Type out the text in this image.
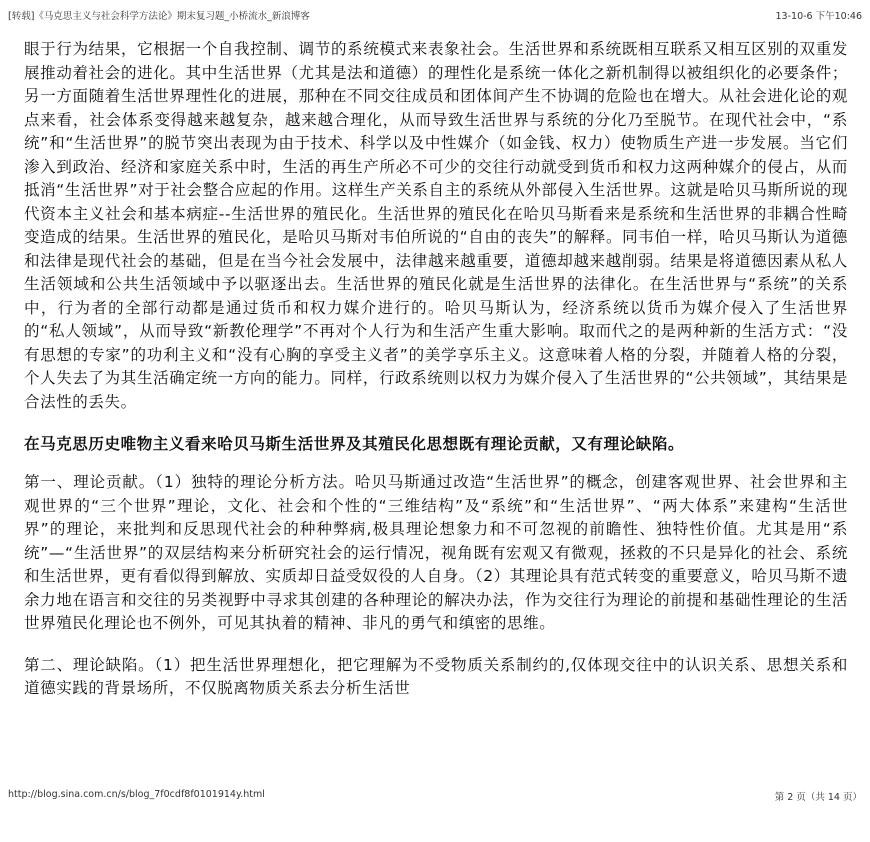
[转载]《马克思主义与社会科学方法论》期末复习题_小桥流水_新浪博客	13-10-6 下午10:46

眼于行为结果，它根据一个自我控制、调节的系统模式来表象社会。生活世界和系统既相互联系又相互区别的双重发展推动着社会的进化。其中生活世界（尤其是法和道德）的理性化是系统一体化之新机制得以被组织化的必要条件；另一方面随着生活世界理性化的进展，那种在不同交往成员和团体间产生不协调的危险也在增大。从社会进化论的观点来看，社会体系变得越来越复杂，越来越合理化，从而导致生活世界与系统的分化乃至脱节。在现代社会中，“系统”和“生活世界”的脱节突出表现为由于技术、科学以及中性媒介（如金钱、权力）使物质生产进一步发展。当它们渗入到政治、经济和家庭关系中时，生活的再生产所必不可少的交往行动就受到货币和权力这两种媒介的侵占，从而抵消“生活世界”对于社会整合应起的作用。这样生产关系自主的系统从外部侵入生活世界。这就是哈贝马斯所说的现代资本主义社会和基本病症--生活世界的殖民化。生活世界的殖民化在哈贝马斯看来是系统和生活世界的非耦合性畸变造成的结果。生活世界的殖民化，是哈贝马斯对韦伯所说的“自由的丧失”的解释。同韦伯一样，哈贝马斯认为道德和法律是现代社会的基础，但是在当今社会发展中，法律越来越重要，道德却越来越削弱。结果是将道德因素从私人生活领域和公共生活领域中予以驱逐出去。生活世界的殖民化就是生活世界的法律化。在生活世界与“系统”的关系中，行为者的全部行动都是通过货币和权力媒介进行的。哈贝马斯认为，经济系统以货币为媒介侵入了生活世界的“私人领域”，从而导致“新教伦理学”不再对个人行为和生活产生重大影响。取而代之的是两种新的生活方式：“没有思想的专家”的功利主义和“没有心胸的享受主义者”的美学享乐主义。这意味着人格的分裂，并随着人格的分裂，个人失去了为其生活确定统一方向的能力。同样，行政系统则以权力为媒介侵入了生活世界的“公共领域”，其结果是合法性的丢失。

在马克思历史唯物主义看来哈贝马斯生活世界及其殖民化思想既有理论贡献，又有理论缺陷。

第一、理论贡献。（1）独特的理论分析方法。哈贝马斯通过改造“生活世界”的概念，创建客观世界、社会世界和主观世界的“三个世界”理论，文化、社会和个性的“三维结构”及“系统”和“生活世界”、“两大体系”来建构“生活世界”的理论，来批判和反思现代社会的种种弊病,极具理论想象力和不可忽视的前瞻性、独特性价值。尤其是用“系统”—“生活世界”的双层结构来分析研究社会的运行情况，视角既有宏观又有微观，拯救的不只是异化的社会、系统和生活世界，更有看似得到解放、实质却日益受奴役的人自身。（2）其理论具有范式转变的重要意义，哈贝马斯不遗余力地在语言和交往的另类视野中寻求其创建的各种理论的解决办法，作为交往行为理论的前提和基础性理论的生活世界殖民化理论也不例外，可见其执着的精神、非凡的勇气和缜密的思维。

第二、理论缺陷。（1）把生活世界理想化，把它理解为不受物质关系制约的,仅体现交往中的认识关系、思想关系和道德实践的背景场所，不仅脱离物质关系去分析生活世

http://blog.sina.com.cn/s/blog_7f0cdf8f0101914y.html	第 2 页（共 14 页）
